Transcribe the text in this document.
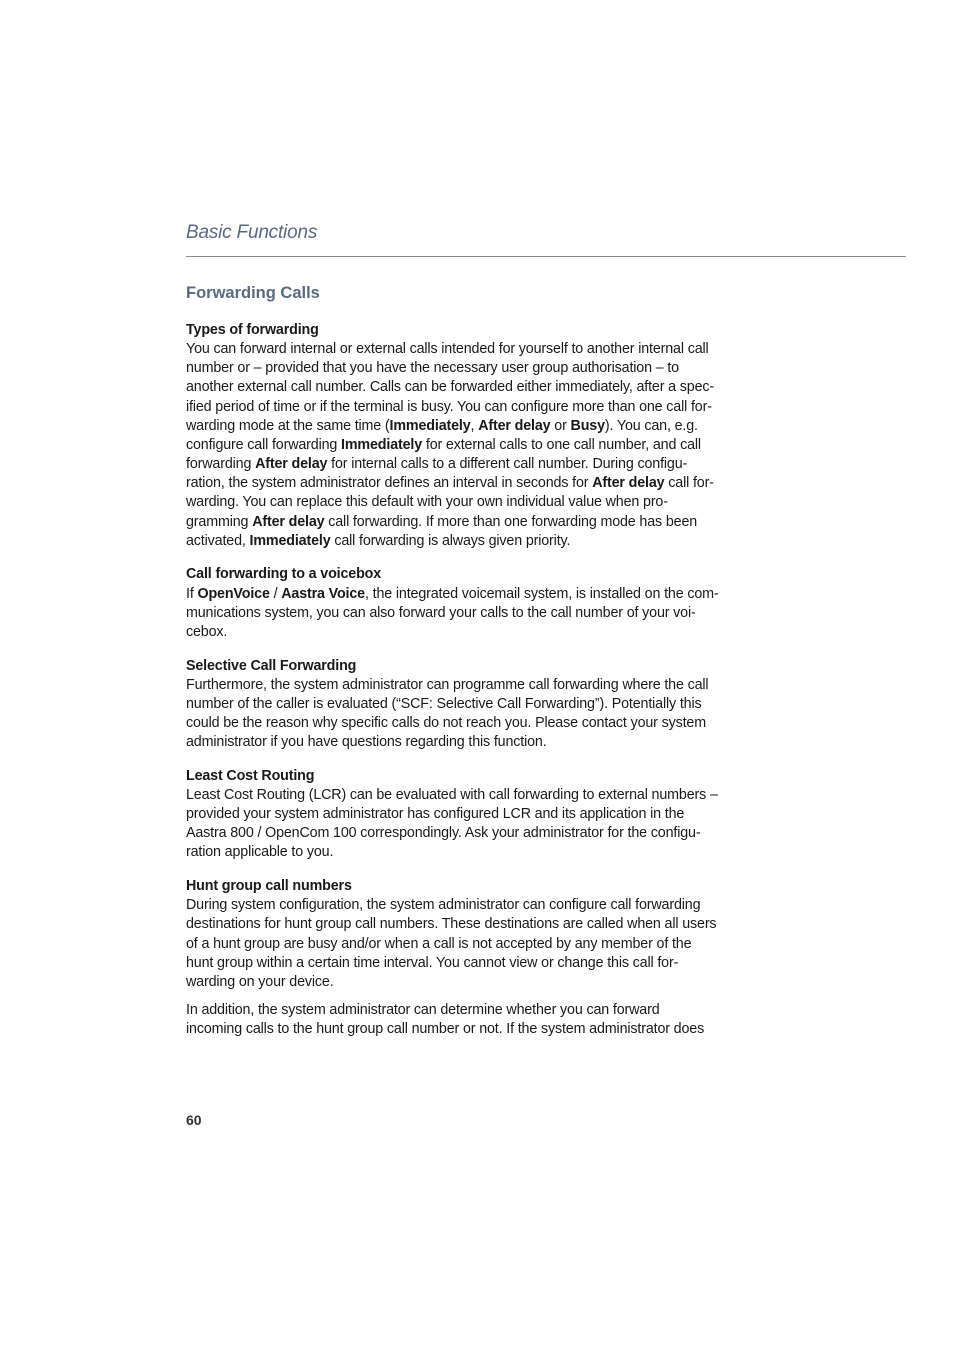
Basic Functions
Forwarding Calls
Types of forwarding
You can forward internal or external calls intended for yourself to another internal call
number or – provided that you have the necessary user group authorisation – to
another external call number. Calls can be forwarded either immediately, after a spec-
ified period of time or if the terminal is busy. You can configure more than one call for-
warding mode at the same time (Immediately, After delay or Busy). You can, e.g.
configure call forwarding Immediately for external calls to one call number, and call
forwarding After delay for internal calls to a different call number. During configu-
ration, the system administrator defines an interval in seconds for After delay call for-
warding. You can replace this default with your own individual value when pro-
gramming After delay call forwarding. If more than one forwarding mode has been
activated, Immediately call forwarding is always given priority.
Call forwarding to a voicebox
If OpenVoice / Aastra Voice, the integrated voicemail system, is installed on the com-
munications system, you can also forward your calls to the call number of your voi-
cebox.
Selective Call Forwarding
Furthermore, the system administrator can programme call forwarding where the call
number of the caller is evaluated (“SCF: Selective Call Forwarding”). Potentially this
could be the reason why specific calls do not reach you. Please contact your system
administrator if you have questions regarding this function.
Least Cost Routing
Least Cost Routing (LCR) can be evaluated with call forwarding to external numbers –
provided your system administrator has configured LCR and its application in the
Aastra 800 / OpenCom 100 correspondingly. Ask your administrator for the configu-
ration applicable to you.
Hunt group call numbers
During system configuration, the system administrator can configure call forwarding
destinations for hunt group call numbers. These destinations are called when all users
of a hunt group are busy and/or when a call is not accepted by any member of the
hunt group within a certain time interval. You cannot view or change this call for-
warding on your device.
In addition, the system administrator can determine whether you can forward
incoming calls to the hunt group call number or not. If the system administrator does
60
